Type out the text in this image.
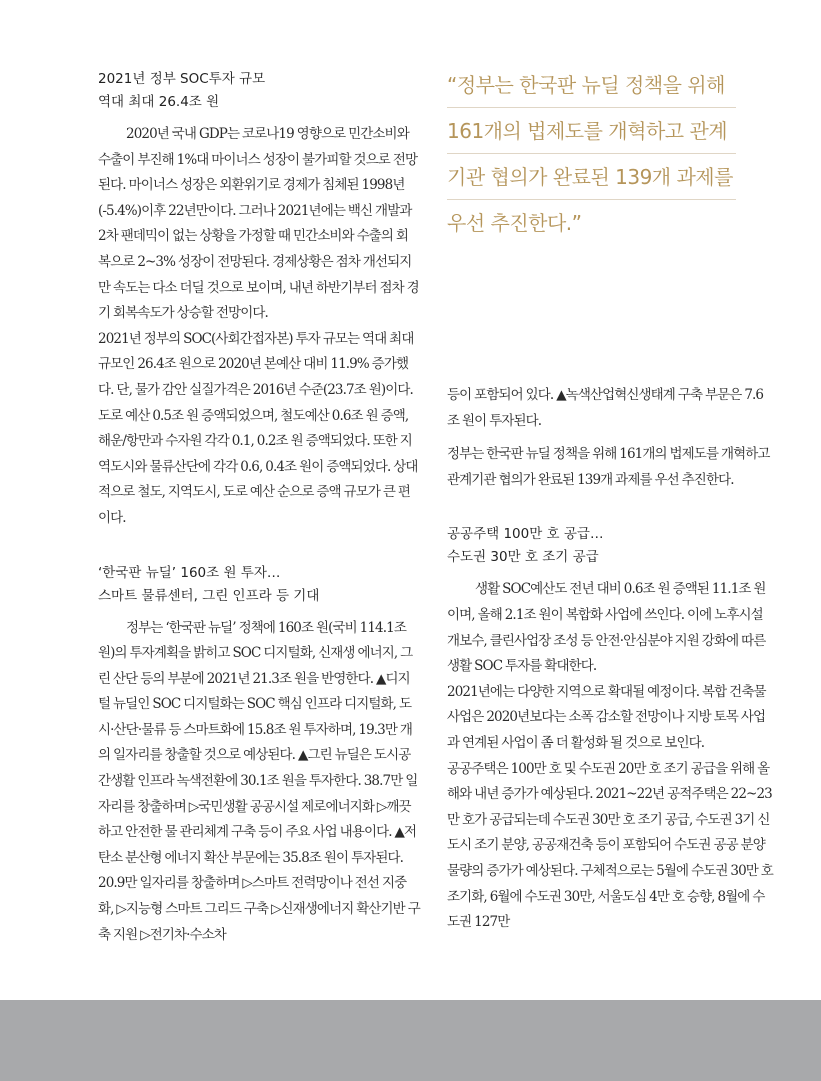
2021년 정부 SOC투자 규모

역대 최대 26.4조 원

2020년 국내 GDP는 코로나19 영향으로 민간소비와 수출이 부진해 1%대 마이너스 성장이 불가피할 것으로 전망된다. 마이너스 성장은 외환위기로 경제가 침체된 1998년(-5.4%)이후 22년만이다. 그러나 2021년에는 백신 개발과 2차 팬데믹이 없는 상황을 가정할 때 민간소비와 수출의 회복으로 2~3% 성장이 전망된다. 경제상황은 점차 개선되지만 속도는 다소 더딜 것으로 보이며, 내년 하반기부터 점차 경기 회복속도가 상승할 전망이다.

2021년 정부의 SOC(사회간접자본) 투자 규모는 역대 최대 규모인 26.4조 원으로 2020년 본예산 대비 11.9% 증가했다. 단, 물가 감안 실질가격은 2016년 수준(23.7조 원)이다. 도로 예산 0.5조 원 증액되었으며, 철도예산 0.6조 원 증액, 해운/항만과 수자원 각각 0.1, 0.2조 원 증액되었다. 또한 지역도시와 물류산단에 각각 0.6, 0.4조 원이 증액되었다. 상대적으로 철도, 지역도시, 도로 예산 순으로 증액 규모가 큰 편이다.

‘한국판 뉴딜’ 160조 원 투자…

스마트 물류센터, 그린 인프라 등 기대

정부는 ‘한국판 뉴딜’ 정책에 160조 원(국비 114.1조 원)의 투자계획을 밝히고 SOC 디지털화, 신재생 에너지, 그린 산단 등의 부분에 2021년 21.3조 원을 반영한다. ▲디지털 뉴딜인 SOC 디지털화는 SOC 핵심 인프라 디지털화, 도시·산단·물류 등 스마트화에 15.8조 원 투자하며, 19.3만 개의 일자리를 창출할 것으로 예상된다. ▲그린 뉴딜은 도시공간생활 인프라 녹색전환에 30.1조 원을 투자한다. 38.7만 일자리를 창출하며 ▷국민생활 공공시설 제로에너지화 ▷깨끗하고 안전한 물 관리체계 구축 등이 주요 사업 내용이다. ▲저탄소 분산형 에너지 확산 부문에는 35.8조 원이 투자된다. 20.9만 일자리를 창출하며 ▷스마트 전력망이나 전선 지중화, ▷지능형 스마트 그리드 구축 ▷신재생에너지 확산기반 구축 지원 ▷전기차·수소차

“정부는 한국판 뉴딜 정책을 위해
161개의 법제도를 개혁하고 관계
기관 협의가 완료된 139개 과제를
우선 추진한다.”

등이 포함되어 있다. ▲녹색산업혁신생태계 구축 부문은 7.6조 원이 투자된다.

정부는 한국판 뉴딜 정책을 위해 161개의 법제도를 개혁하고 관계기관 협의가 완료된 139개 과제를 우선 추진한다.

공공주택 100만 호 공급…

수도권 30만 호 조기 공급

생활 SOC예산도 전년 대비 0.6조 원 증액된 11.1조 원이며, 올해 2.1조 원이 복합화 사업에 쓰인다. 이에 노후시설 개보수, 클린사업장 조성 등 안전·안심분야 지원 강화에 따른 생활 SOC 투자를 확대한다.

2021년에는 다양한 지역으로 확대될 예정이다. 복합 건축물 사업은 2020년보다는 소폭 감소할 전망이나 지방 토목 사업과 연계된 사업이 좀 더 활성화 될 것으로 보인다.

공공주택은 100만 호 및 수도권 20만 호 조기 공급을 위해 올해와 내년 증가가 예상된다. 2021~22년 공적주택은 22~23만 호가 공급되는데 수도권 30만 호 조기 공급, 수도권 3기 신도시 조기 분양, 공공재건축 등이 포함되어 수도권 공공 분양물량의 증가가 예상된다. 구체적으로는 5월에 수도권 30만 호 조기화, 6월에 수도권 30만, 서울도심 4만 호 승향, 8월에 수도권 127만
